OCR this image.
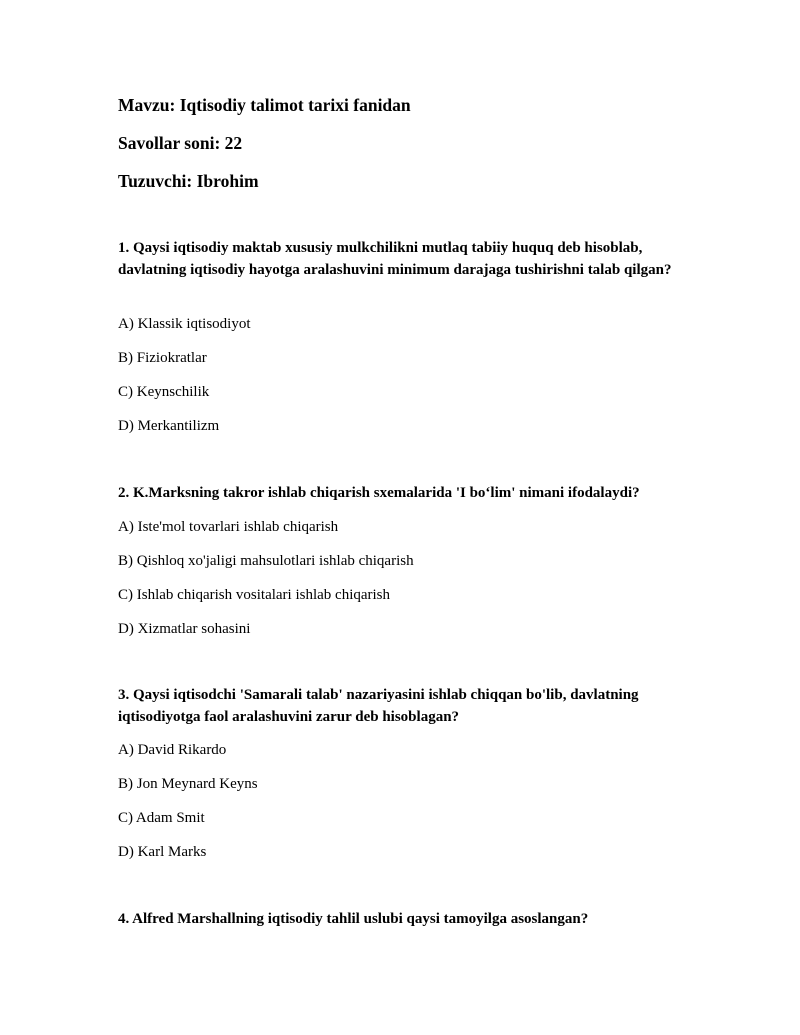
Mavzu: Iqtisodiy talimot tarixi fanidan
Savollar soni: 22
Tuzuvchi: Ibrohim
1. Qaysi iqtisodiy maktab xususiy mulkchilikni mutlaq tabiiy huquq deb hisoblab, davlatning iqtisodiy hayotga aralashuvini minimum darajaga tushirishni talab qilgan?
A) Klassik iqtisodiyot
B) Fiziokratlar
C) Keynschilik
D) Merkantilizm
2. K.Marksning takror ishlab chiqarish sxemalarida 'I bo‘lim' nimani ifodalaydi?
A) Iste'mol tovarlari ishlab chiqarish
B) Qishloq xo'jaligi mahsulotlari ishlab chiqarish
C) Ishlab chiqarish vositalari ishlab chiqarish
D) Xizmatlar sohasini
3. Qaysi iqtisodchi 'Samarali talab' nazariyasini ishlab chiqqan bo'lib, davlatning iqtisodiyotga faol aralashuvini zarur deb hisoblagan?
A) David Rikardo
B) Jon Meynard Keyns
C) Adam Smit
D) Karl Marks
4. Alfred Marshallning iqtisodiy tahlil uslubi qaysi tamoyilga asoslangan?
